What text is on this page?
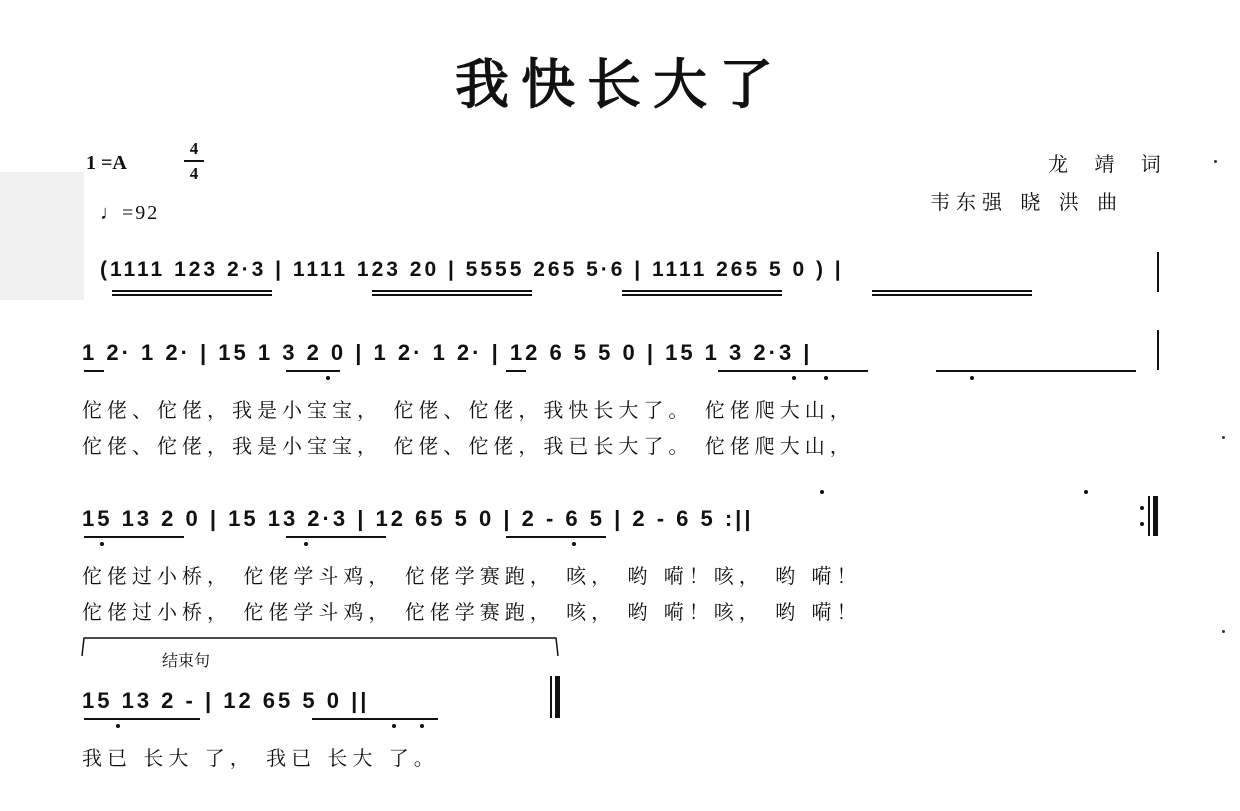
我快长大了
1 =A
4
4
♩=92
龙 靖 词
韦东强 晓 洪 曲
(1111 123 2·3 | 1111 123 20 | 5555 265 5·6 | 1111 265 5 0 ) |
1 2· 1 2· | 15 1 3 2 0 | 1 2· 1 2· | 12 6 5 5 0 | 15 1 3 2·3 |
佗佬、佗佬，我是小宝宝， 佗佬、佗佬，我快长大了。 佗佬爬大山，
佗佬、佗佬，我是小宝宝， 佗佬、佗佬，我已长大了。 佗佬爬大山，
15 13 2 0 | 15 13 2·3 | 12 65 5 0 | 2 - 6 5 | 2 - 6 5 :||
佗佬过小桥， 佗佬学斗鸡， 佗佬学赛跑， 咳， 哟 嗬！咳， 哟 嗬！
佗佬过小桥， 佗佬学斗鸡， 佗佬学赛跑， 咳， 哟 嗬！咳， 哟 嗬！
结束句
15 13 2 - | 12 65 5 0 ||
我已 长大 了， 我已 长大 了。
